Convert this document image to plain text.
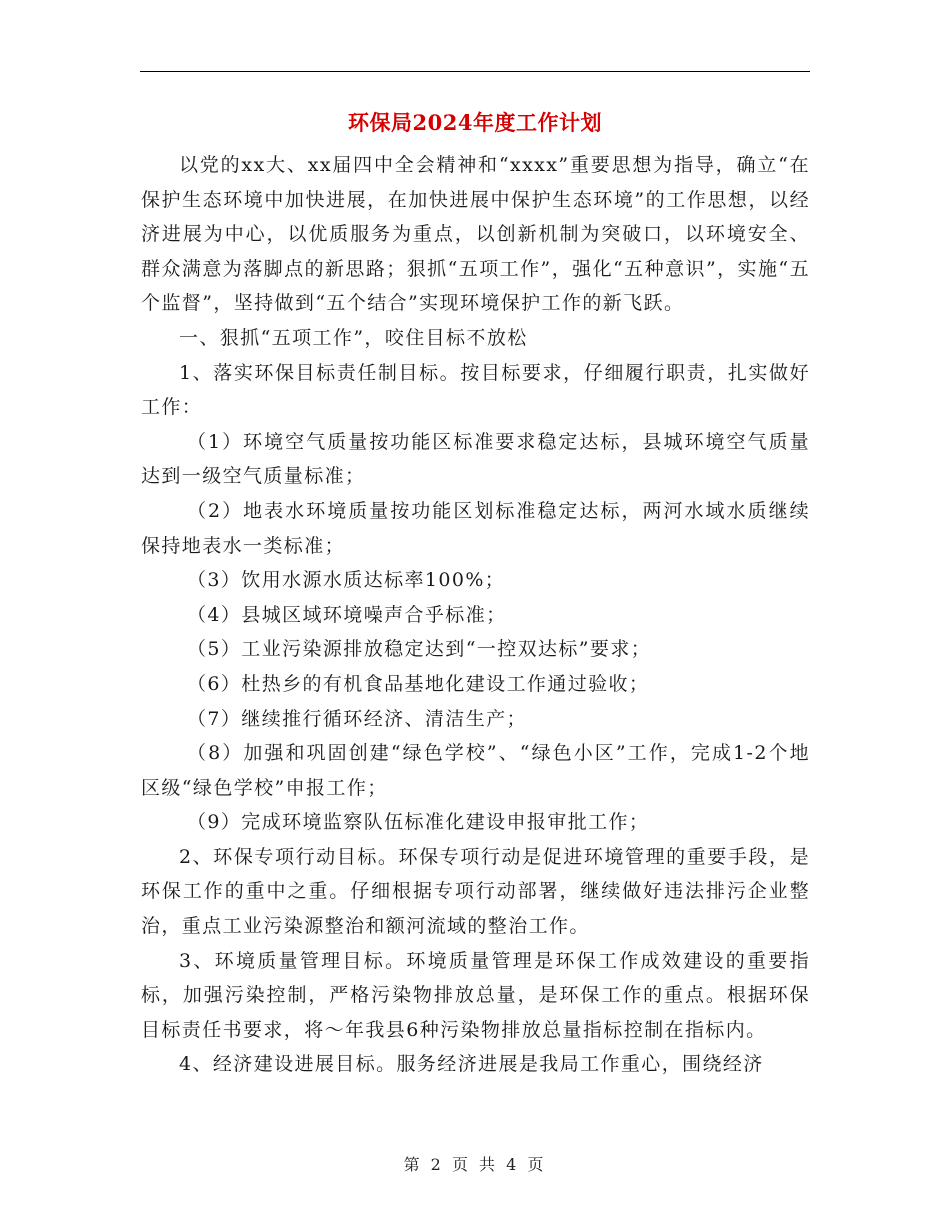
环保局2024年度工作计划

以党的xx大、xx届四中全会精神和“xxxx”重要思想为指导，确立“在保护生态环境中加快进展，在加快进展中保护生态环境”的工作思想，以经济进展为中心，以优质服务为重点，以创新机制为突破口，以环境安全、群众满意为落脚点的新思路；狠抓“五项工作”，强化“五种意识”，实施“五个监督”，坚持做到“五个结合”实现环境保护工作的新飞跃。

一、狠抓“五项工作”，咬住目标不放松

1、落实环保目标责任制目标。按目标要求，仔细履行职责，扎实做好工作：

（1）环境空气质量按功能区标准要求稳定达标，县城环境空气质量达到一级空气质量标准；

（2）地表水环境质量按功能区划标准稳定达标，两河水域水质继续保持地表水一类标准；

（3）饮用水源水质达标率100%；

（4）县城区域环境噪声合乎标准；

（5）工业污染源排放稳定达到“一控双达标”要求；

（6）杜热乡的有机食品基地化建设工作通过验收；

（7）继续推行循环经济、清洁生产；

（8）加强和巩固创建“绿色学校”、“绿色小区”工作，完成1-2个地区级“绿色学校”申报工作；

（9）完成环境监察队伍标准化建设申报审批工作；

2、环保专项行动目标。环保专项行动是促进环境管理的重要手段，是环保工作的重中之重。仔细根据专项行动部署，继续做好违法排污企业整治，重点工业污染源整治和额河流域的整治工作。

3、环境质量管理目标。环境质量管理是环保工作成效建设的重要指标，加强污染控制，严格污染物排放总量，是环保工作的重点。根据环保目标责任书要求，将～年我县6种污染物排放总量指标控制在指标内。

4、经济建设进展目标。服务经济进展是我局工作重心，围绕经济

第 2 页 共 4 页
